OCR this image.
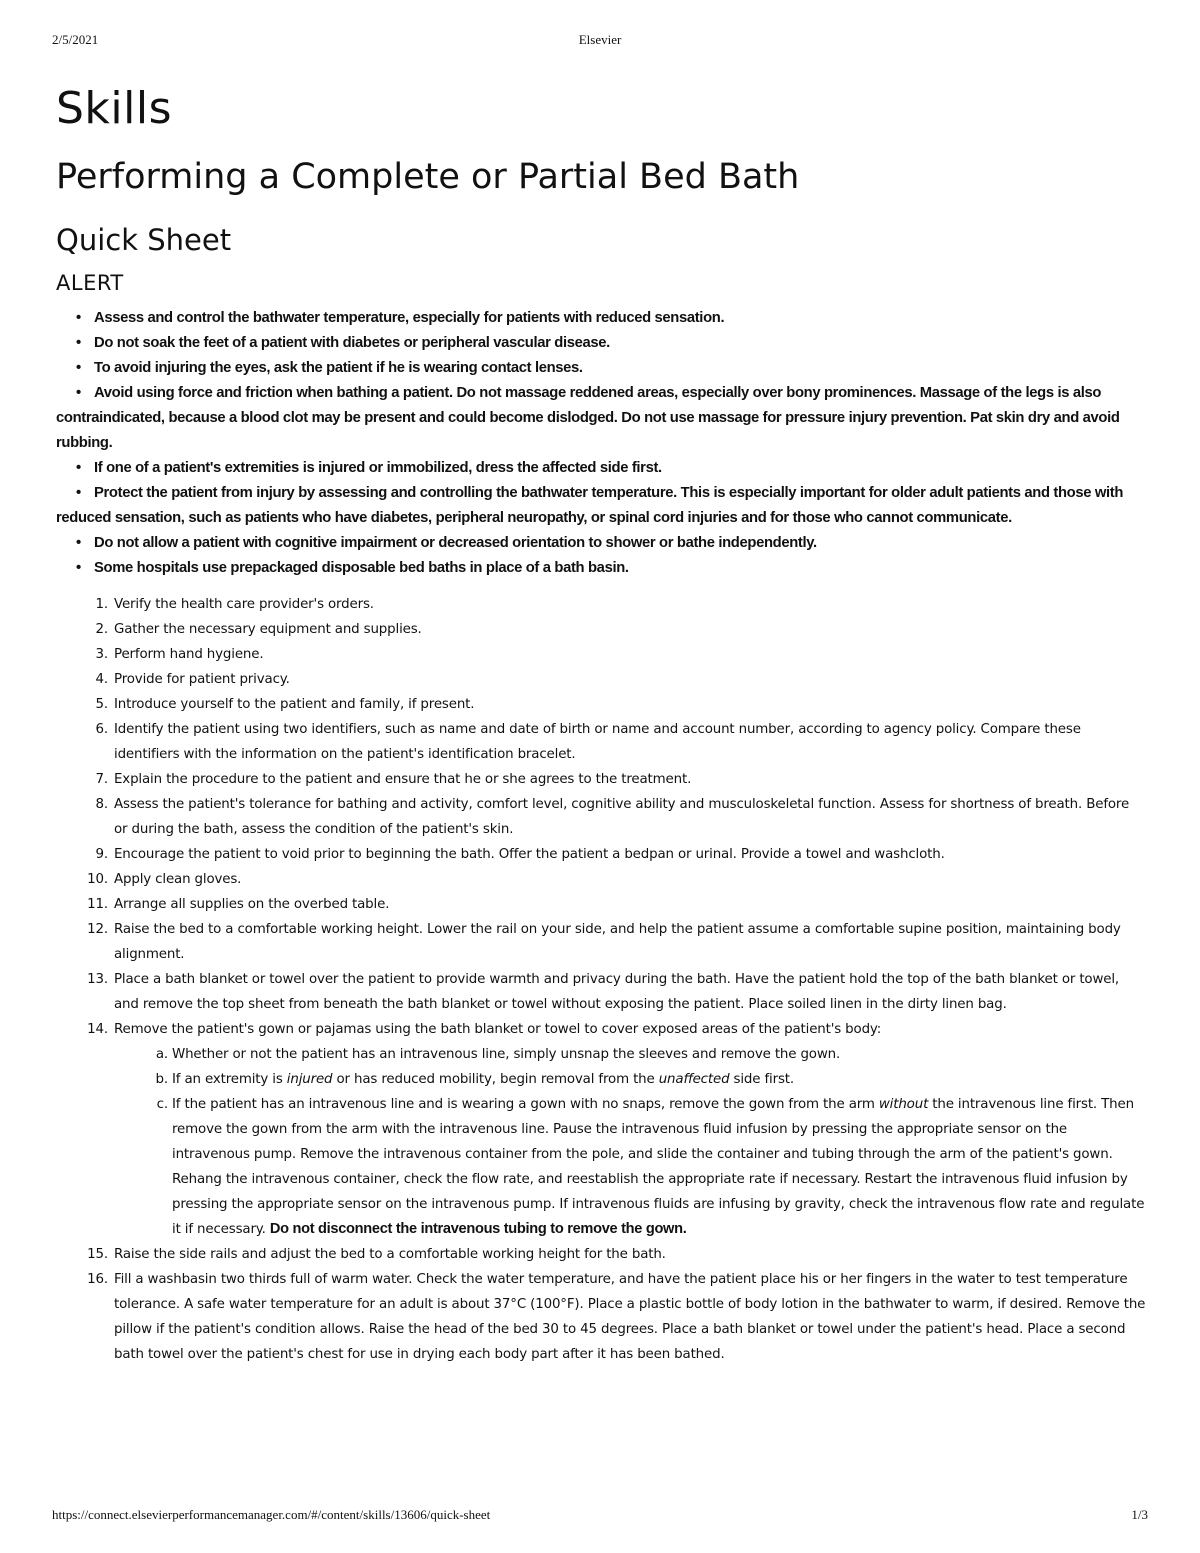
2/5/2021	Elsevier
Skills
Performing a Complete or Partial Bed Bath
Quick Sheet
ALERT
• Assess and control the bathwater temperature, especially for patients with reduced sensation.
• Do not soak the feet of a patient with diabetes or peripheral vascular disease.
• To avoid injuring the eyes, ask the patient if he is wearing contact lenses.
• Avoid using force and friction when bathing a patient. Do not massage reddened areas, especially over bony prominences. Massage of the legs is also contraindicated, because a blood clot may be present and could become dislodged. Do not use massage for pressure injury prevention. Pat skin dry and avoid rubbing.
• If one of a patient's extremities is injured or immobilized, dress the affected side first.
• Protect the patient from injury by assessing and controlling the bathwater temperature. This is especially important for older adult patients and those with reduced sensation, such as patients who have diabetes, peripheral neuropathy, or spinal cord injuries and for those who cannot communicate.
• Do not allow a patient with cognitive impairment or decreased orientation to shower or bathe independently.
• Some hospitals use prepackaged disposable bed baths in place of a bath basin.
1. Verify the health care provider's orders.
2. Gather the necessary equipment and supplies.
3. Perform hand hygiene.
4. Provide for patient privacy.
5. Introduce yourself to the patient and family, if present.
6. Identify the patient using two identifiers, such as name and date of birth or name and account number, according to agency policy. Compare these identifiers with the information on the patient's identification bracelet.
7. Explain the procedure to the patient and ensure that he or she agrees to the treatment.
8. Assess the patient's tolerance for bathing and activity, comfort level, cognitive ability and musculoskeletal function. Assess for shortness of breath. Before or during the bath, assess the condition of the patient's skin.
9. Encourage the patient to void prior to beginning the bath. Offer the patient a bedpan or urinal. Provide a towel and washcloth.
10. Apply clean gloves.
11. Arrange all supplies on the overbed table.
12. Raise the bed to a comfortable working height. Lower the rail on your side, and help the patient assume a comfortable supine position, maintaining body alignment.
13. Place a bath blanket or towel over the patient to provide warmth and privacy during the bath. Have the patient hold the top of the bath blanket or towel, and remove the top sheet from beneath the bath blanket or towel without exposing the patient. Place soiled linen in the dirty linen bag.
14. Remove the patient's gown or pajamas using the bath blanket or towel to cover exposed areas of the patient's body:
a. Whether or not the patient has an intravenous line, simply unsnap the sleeves and remove the gown.
b. If an extremity is injured or has reduced mobility, begin removal from the unaffected side first.
c. If the patient has an intravenous line and is wearing a gown with no snaps, remove the gown from the arm without the intravenous line first. Then remove the gown from the arm with the intravenous line. Pause the intravenous fluid infusion by pressing the appropriate sensor on the intravenous pump. Remove the intravenous container from the pole, and slide the container and tubing through the arm of the patient's gown. Rehang the intravenous container, check the flow rate, and reestablish the appropriate rate if necessary. Restart the intravenous fluid infusion by pressing the appropriate sensor on the intravenous pump. If intravenous fluids are infusing by gravity, check the intravenous flow rate and regulate it if necessary. Do not disconnect the intravenous tubing to remove the gown.
15. Raise the side rails and adjust the bed to a comfortable working height for the bath.
16. Fill a washbasin two thirds full of warm water. Check the water temperature, and have the patient place his or her fingers in the water to test temperature tolerance. A safe water temperature for an adult is about 37°C (100°F). Place a plastic bottle of body lotion in the bathwater to warm, if desired. Remove the pillow if the patient's condition allows. Raise the head of the bed 30 to 45 degrees. Place a bath blanket or towel under the patient's head. Place a second bath towel over the patient's chest for use in drying each body part after it has been bathed.
https://connect.elsevierperformancemanager.com/#/content/skills/13606/quick-sheet	1/3
